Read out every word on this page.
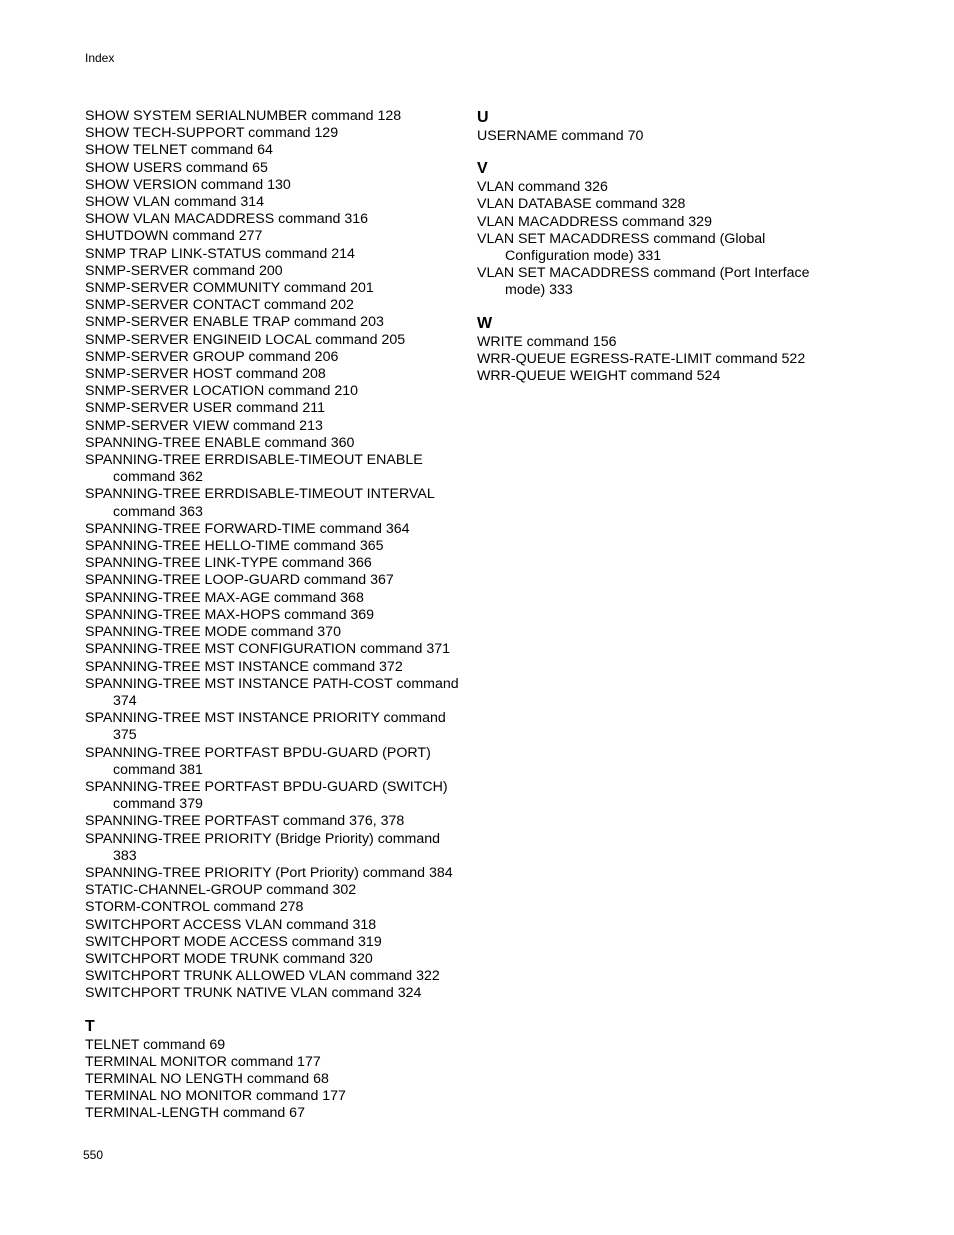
Index
SHOW SYSTEM SERIALNUMBER command 128
SHOW TECH-SUPPORT command 129
SHOW TELNET command 64
SHOW USERS command 65
SHOW VERSION command 130
SHOW VLAN command 314
SHOW VLAN MACADDRESS command 316
SHUTDOWN command 277
SNMP TRAP LINK-STATUS command 214
SNMP-SERVER command 200
SNMP-SERVER COMMUNITY command 201
SNMP-SERVER CONTACT command 202
SNMP-SERVER ENABLE TRAP command 203
SNMP-SERVER ENGINEID LOCAL command 205
SNMP-SERVER GROUP command 206
SNMP-SERVER HOST command 208
SNMP-SERVER LOCATION command 210
SNMP-SERVER USER command 211
SNMP-SERVER VIEW command 213
SPANNING-TREE ENABLE command 360
SPANNING-TREE ERRDISABLE-TIMEOUT ENABLE command 362
SPANNING-TREE ERRDISABLE-TIMEOUT INTERVAL command 363
SPANNING-TREE FORWARD-TIME command 364
SPANNING-TREE HELLO-TIME command 365
SPANNING-TREE LINK-TYPE command 366
SPANNING-TREE LOOP-GUARD command 367
SPANNING-TREE MAX-AGE command 368
SPANNING-TREE MAX-HOPS command 369
SPANNING-TREE MODE command 370
SPANNING-TREE MST CONFIGURATION command 371
SPANNING-TREE MST INSTANCE command 372
SPANNING-TREE MST INSTANCE PATH-COST command 374
SPANNING-TREE MST INSTANCE PRIORITY command 375
SPANNING-TREE PORTFAST BPDU-GUARD (PORT) command 381
SPANNING-TREE PORTFAST BPDU-GUARD (SWITCH) command 379
SPANNING-TREE PORTFAST command 376, 378
SPANNING-TREE PRIORITY (Bridge Priority) command 383
SPANNING-TREE PRIORITY (Port Priority) command 384
STATIC-CHANNEL-GROUP command 302
STORM-CONTROL command 278
SWITCHPORT ACCESS VLAN command 318
SWITCHPORT MODE ACCESS command 319
SWITCHPORT MODE TRUNK command 320
SWITCHPORT TRUNK ALLOWED VLAN command 322
SWITCHPORT TRUNK NATIVE VLAN command 324
T
TELNET command 69
TERMINAL MONITOR command 177
TERMINAL NO LENGTH command 68
TERMINAL NO MONITOR command 177
TERMINAL-LENGTH command 67
U
USERNAME command 70
V
VLAN command 326
VLAN DATABASE command 328
VLAN MACADDRESS command 329
VLAN SET MACADDRESS command (Global Configuration mode) 331
VLAN SET MACADDRESS command (Port Interface mode) 333
W
WRITE command 156
WRR-QUEUE EGRESS-RATE-LIMIT command 522
WRR-QUEUE WEIGHT command 524
550
